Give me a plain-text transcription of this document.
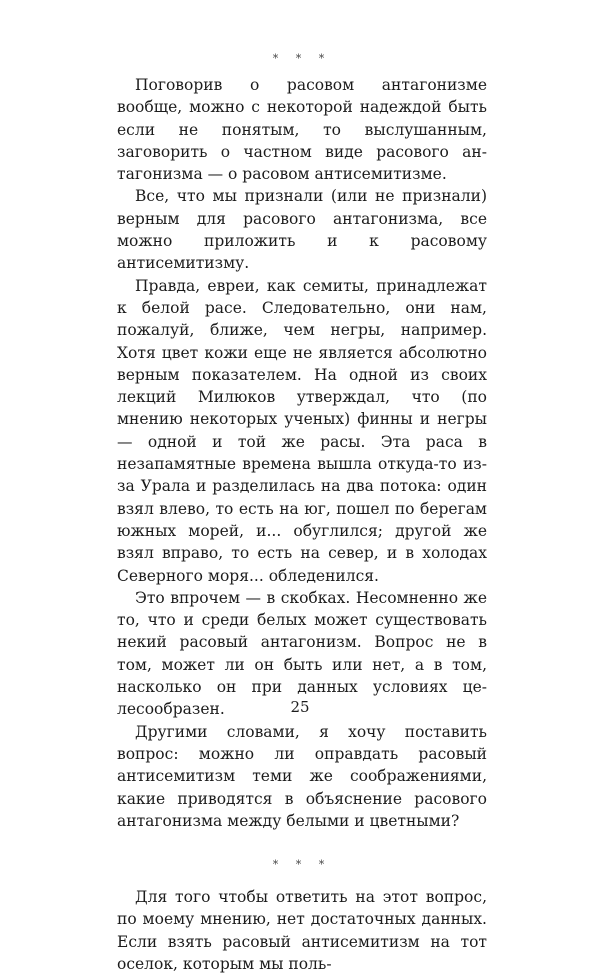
* * *

Поговорив о расовом антагонизме вообще, можно с некоторой надеждой быть если не понятым, то выслушанным, заговорить о частном виде расового антагонизма — о расовом антисемитизме.

Все, что мы признали (или не признали) верным для расового антагонизма, все можно приложить и к расовому антисемитизму.

Правда, евреи, как семиты, принадлежат к белой расе. Следовательно, они нам, пожалуй, ближе, чем негры, например. Хотя цвет кожи еще не является абсолютно верным показателем. На одной из своих лекций Милюков утверждал, что (по мнению некоторых ученых) финны и негры — одной и той же расы. Эта раса в незапамятные времена вышла откуда-то из-за Урала и разделилась на два потока: один взял влево, то есть на юг, пошел по берегам южных морей, и... обуглился; другой же взял вправо, то есть на север, и в холодах Северного моря... обледенился.

Это впрочем — в скобках. Несомненно же то, что и среди белых может существовать некий расовый антагонизм. Вопрос не в том, может ли он быть или нет, а в том, насколько он при данных условиях целесообразен.

Другими словами, я хочу поставить вопрос: можно ли оправдать расовый антисемитизм теми же соображениями, какие приводятся в объяснение расового антагонизма между белыми и цветными?

* * *

Для того чтобы ответить на этот вопрос, по моему мнению, нет достаточных данных. Если взять расовый антисемитизм на тот оселок, которым мы поль-

25
